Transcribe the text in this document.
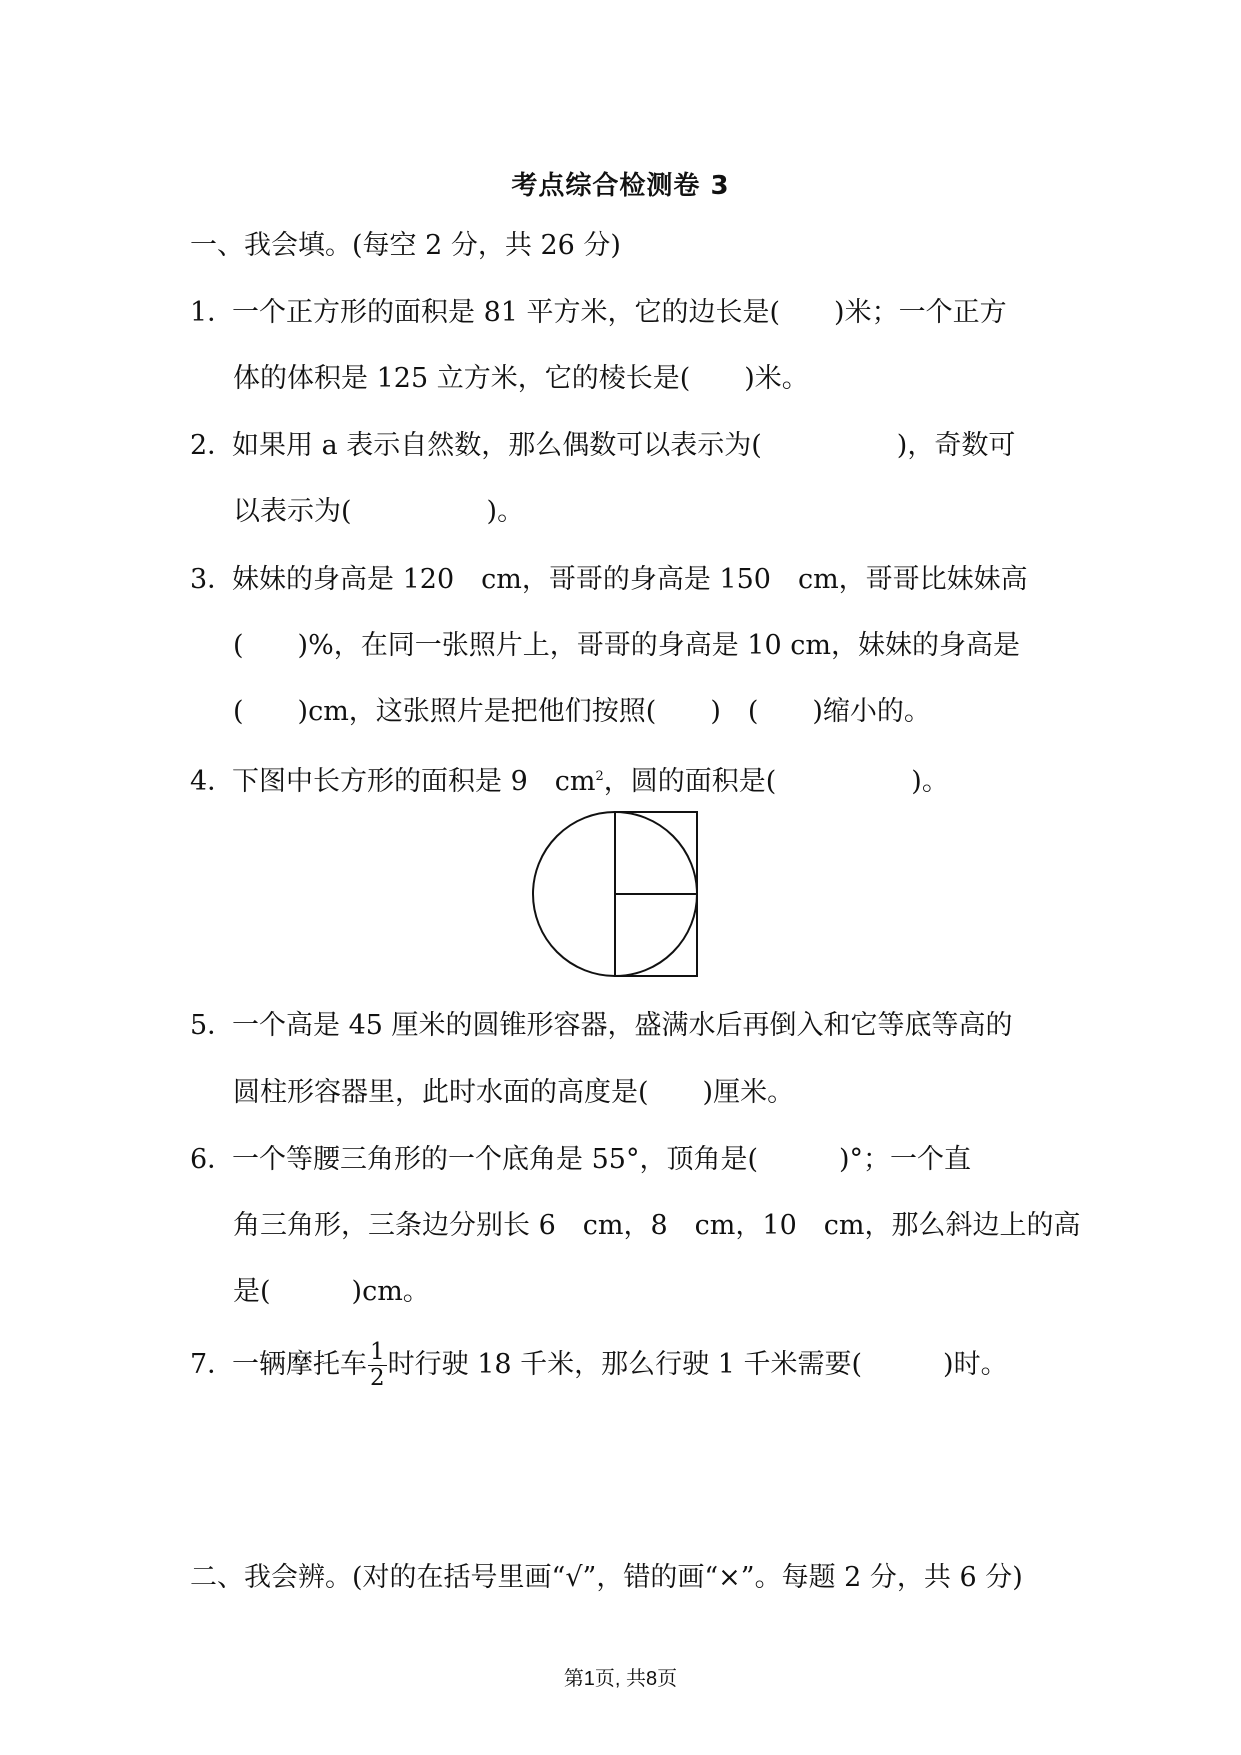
考点综合检测卷 3
一、我会填。(每空 2 分，共 26 分)
1．一个正方形的面积是 81 平方米，它的边长是(　　)米；一个正方
体的体积是 125 立方米，它的棱长是(　　)米。
2．如果用 a 表示自然数，那么偶数可以表示为(　　　　　)，奇数可
以表示为(　　　　　)。
3．妹妹的身高是 120　cm，哥哥的身高是 150　cm，哥哥比妹妹高
(　　)%，在同一张照片上，哥哥的身高是 10 cm，妹妹的身高是
(　　)cm，这张照片是把他们按照(　　)　(　　)缩小的。
4．下图中长方形的面积是 9　$cm^2$，圆的面积是(　　　　　)。
5．一个高是 45 厘米的圆锥形容器，盛满水后再倒入和它等底等高的
圆柱形容器里，此时水面的高度是(　　)厘米。
6．一个等腰三角形的一个底角是 55°，顶角是(　　　)°；一个直
角三角形，三条边分别长 6　cm，8　cm，10　cm，那么斜边上的高
是(　　　)cm。
7．一辆摩托车 $\frac{1}{2}$ 时行驶 18 千米，那么行驶 1 千米需要(　　　)时。
二、我会辨。(对的在括号里画“√”，错的画“×”。每题 2 分，共 6 分)
第1页, 共8页
